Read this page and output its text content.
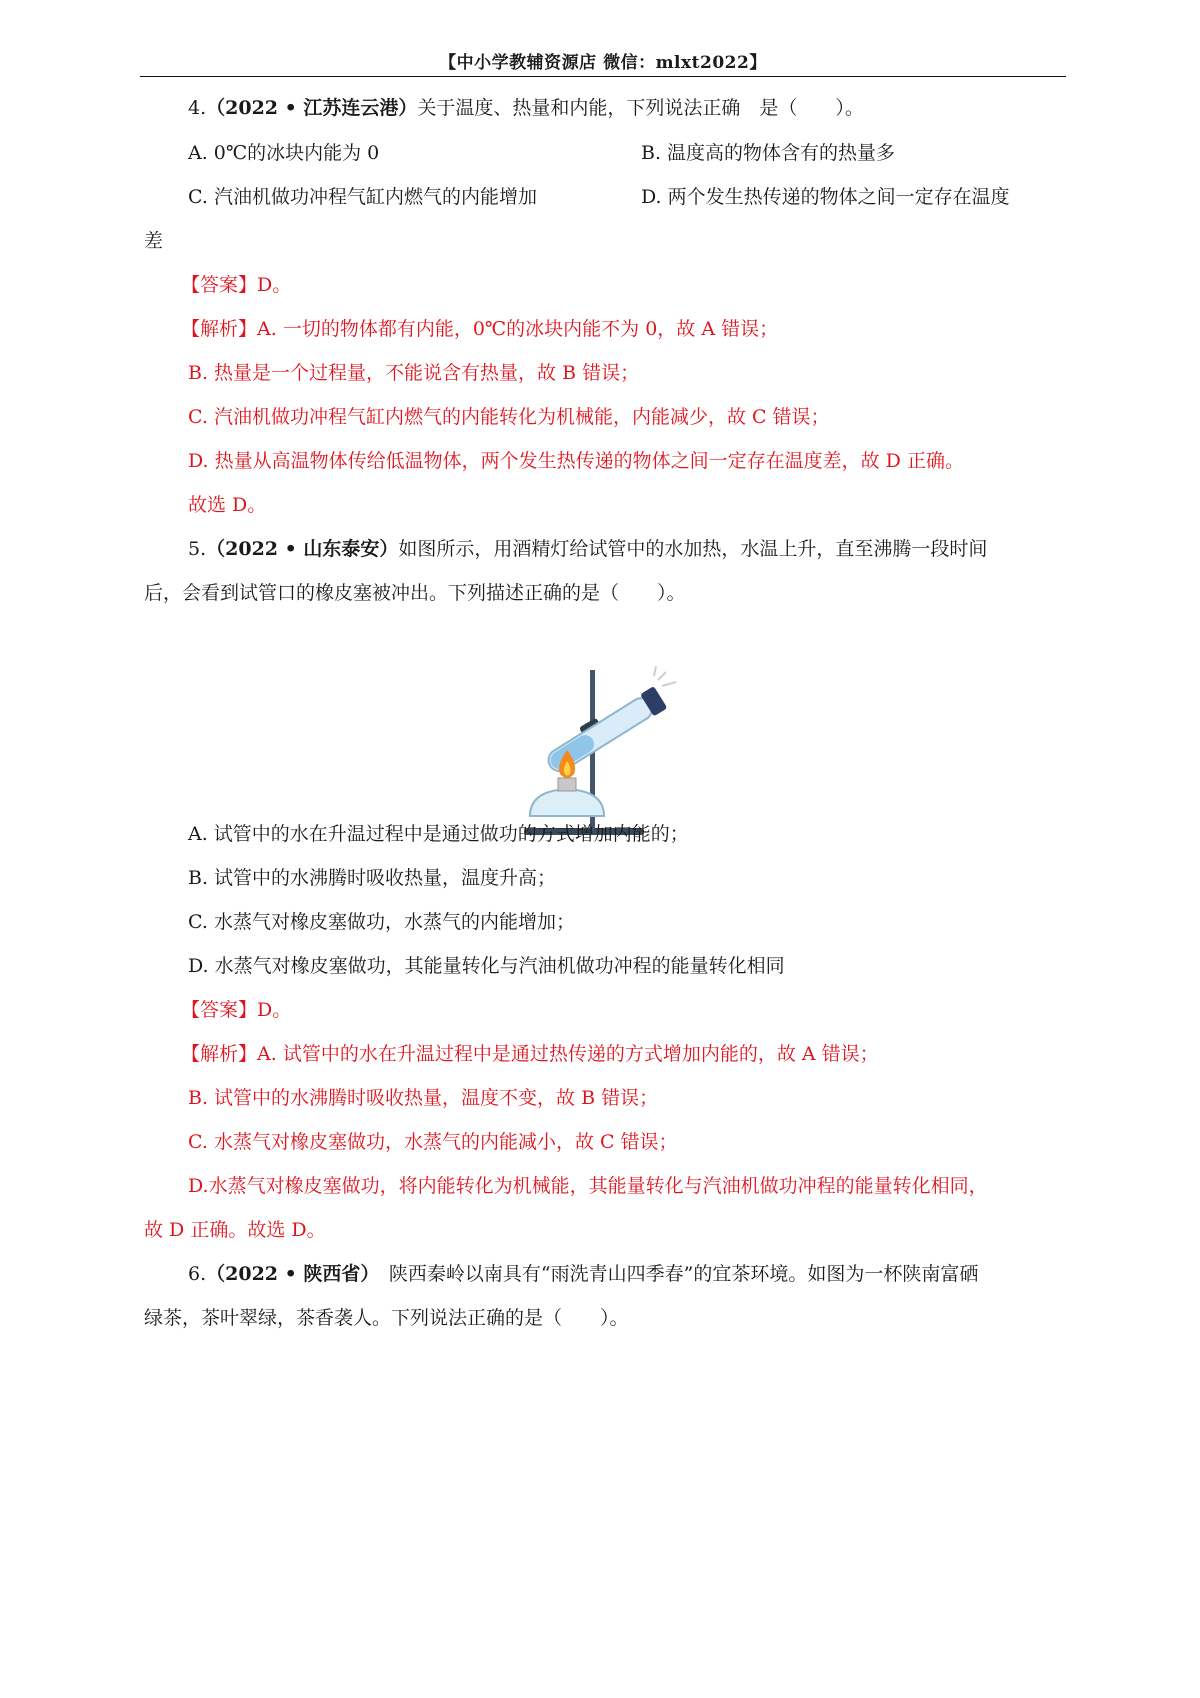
【中小学教辅资源店 微信：mlxt2022】
4.（2022 • 江苏连云港）关于温度、热量和内能，下列说法正确　是（　　）。
A. 0℃的冰块内能为 0	B. 温度高的物体含有的热量多
C. 汽油机做功冲程气缸内燃气的内能增加	D. 两个发生热传递的物体之间一定存在温度
差
【答案】D。
【解析】A. 一切的物体都有内能，0℃的冰块内能不为 0，故 A 错误；
B. 热量是一个过程量，不能说含有热量，故 B 错误；
C. 汽油机做功冲程气缸内燃气的内能转化为机械能，内能减少，故 C 错误；
D. 热量从高温物体传给低温物体，两个发生热传递的物体之间一定存在温度差，故 D 正确。
故选 D。
5.（2022 • 山东泰安）如图所示，用酒精灯给试管中的水加热，水温上升，直至沸腾一段时间
后，会看到试管口的橡皮塞被冲出。下列描述正确的是（　　）。
A. 试管中的水在升温过程中是通过做功的方式增加内能的；
B. 试管中的水沸腾时吸收热量，温度升高；
C. 水蒸气对橡皮塞做功，水蒸气的内能增加；
D. 水蒸气对橡皮塞做功，其能量转化与汽油机做功冲程的能量转化相同
【答案】D。
【解析】A. 试管中的水在升温过程中是通过热传递的方式增加内能的，故 A 错误；
B. 试管中的水沸腾时吸收热量，温度不变，故 B 错误；
C. 水蒸气对橡皮塞做功，水蒸气的内能减小，故 C 错误；
D.水蒸气对橡皮塞做功，将内能转化为机械能，其能量转化与汽油机做功冲程的能量转化相同，
故 D 正确。故选 D。
6.（2022 • 陕西省）　陕西秦岭以南具有“雨洗青山四季春”的宜茶环境。如图为一杯陕南富硒
绿茶，茶叶翠绿，茶香袭人。下列说法正确的是（　　）。
